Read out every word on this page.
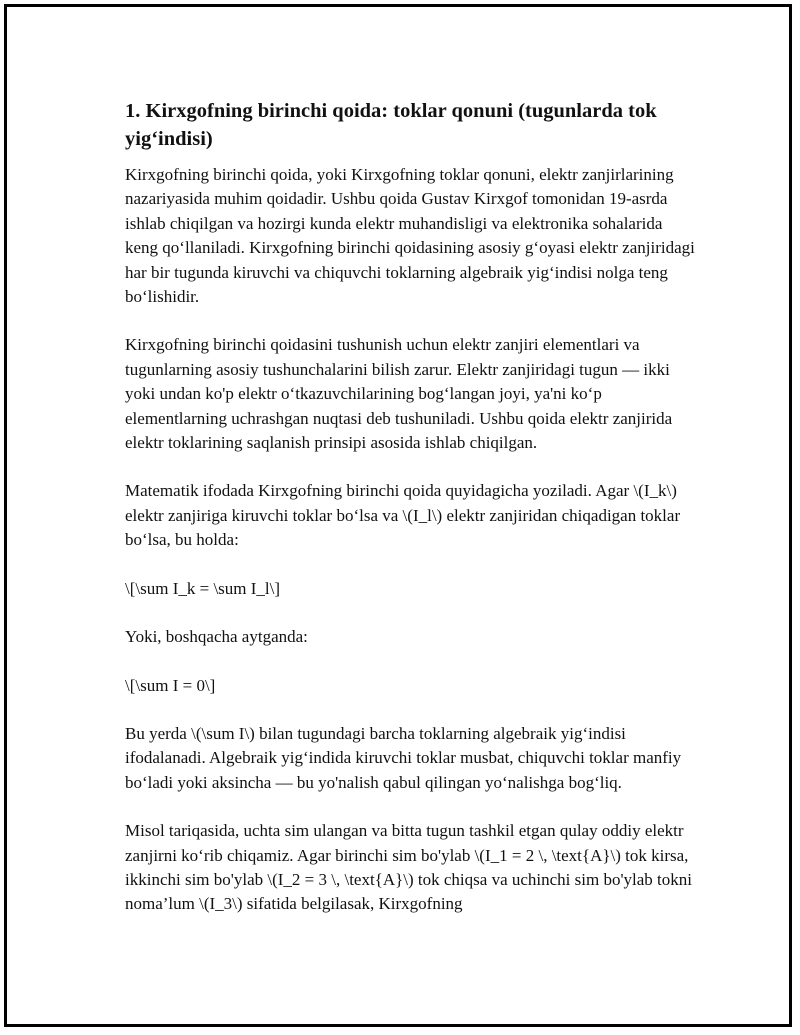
1. Kirxgofning birinchi qoida: toklar qonuni (tugunlarda tok yig‘indisi)

Kirxgofning birinchi qoida, yoki Kirxgofning toklar qonuni, elektr zanjirlarining nazariyasida muhim qoidadir. Ushbu qoida Gustav Kirxgof tomonidan 19-asrda ishlab chiqilgan va hozirgi kunda elektr muhandisligi va elektronika sohalarida keng qo‘llaniladi. Kirxgofning birinchi qoidasining asosiy g‘oyasi elektr zanjiridagi har bir tugunda kiruvchi va chiquvchi toklarning algebraik yig‘indisi nolga teng bo‘lishidir.

Kirxgofning birinchi qoidasini tushunish uchun elektr zanjiri elementlari va tugunlarning asosiy tushunchalarini bilish zarur. Elektr zanjiridagi tugun — ikki yoki undan ko'p elektr o‘tkazuvchilarining bog‘langan joyi, ya'ni ko‘p elementlarning uchrashgan nuqtasi deb tushuniladi. Ushbu qoida elektr zanjirida elektr toklarining saqlanish prinsipi asosida ishlab chiqilgan.

Matematik ifodada Kirxgofning birinchi qoida quyidagicha yoziladi. Agar \(I_k\) elektr zanjiriga kiruvchi toklar bo‘lsa va \(I_l\) elektr zanjiridan chiqadigan toklar bo‘lsa, bu holda:

\[\sum I_k = \sum I_l\]

Yoki, boshqacha aytganda:

\[\sum I = 0\]

Bu yerda \(\sum I\) bilan tugundagi barcha toklarning algebraik yig‘indisi ifodalanadi. Algebraik yig‘indida kiruvchi toklar musbat, chiquvchi toklar manfiy bo‘ladi yoki aksincha — bu yo'nalish qabul qilingan yo‘nalishga bog‘liq.

Misol tariqasida, uchta sim ulangan va bitta tugun tashkil etgan qulay oddiy elektr zanjirni ko‘rib chiqamiz. Agar birinchi sim bo'ylab \(I_1 = 2 \, \text{A}\) tok kirsa, ikkinchi sim bo'ylab \(I_2 = 3 \, \text{A}\) tok chiqsa va uchinchi sim bo'ylab tokni noma’lum \(I_3\) sifatida belgilasak, Kirxgofning
